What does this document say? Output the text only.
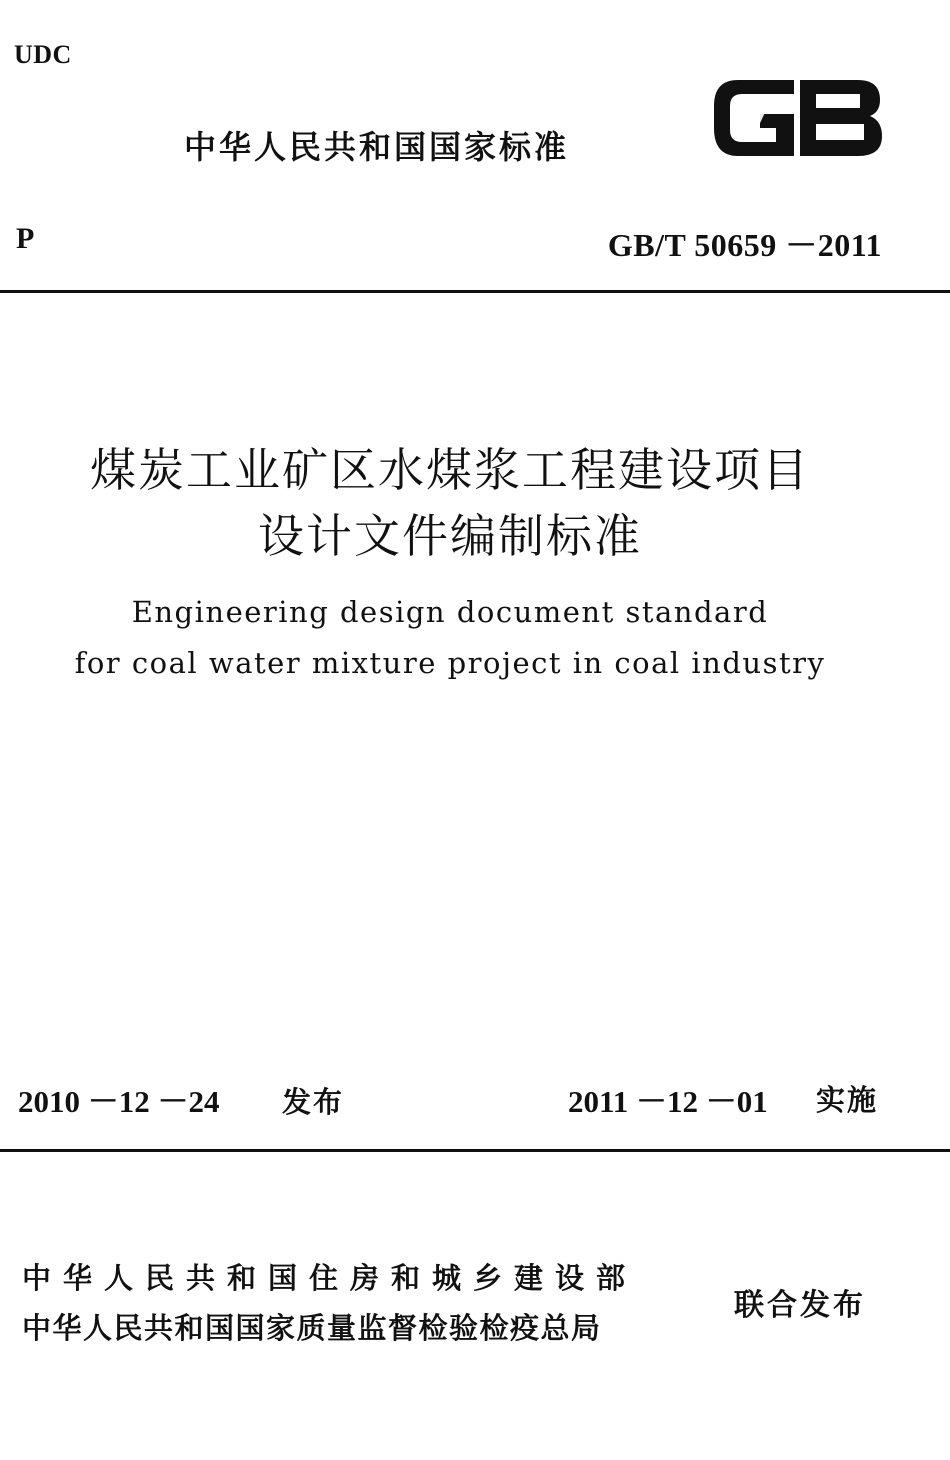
UDC
中华人民共和国国家标准
P	GB/T 50659 －2011
煤炭工业矿区水煤浆工程建设项目
设计文件编制标准
Engineering design document standard
for coal water mixture project in coal industry
2010 －12 －24 发布	2011 －12 －01 实施
中华人民共和国住房和城乡建设部
中华人民共和国国家质量监督检验检疫总局
联合发布
